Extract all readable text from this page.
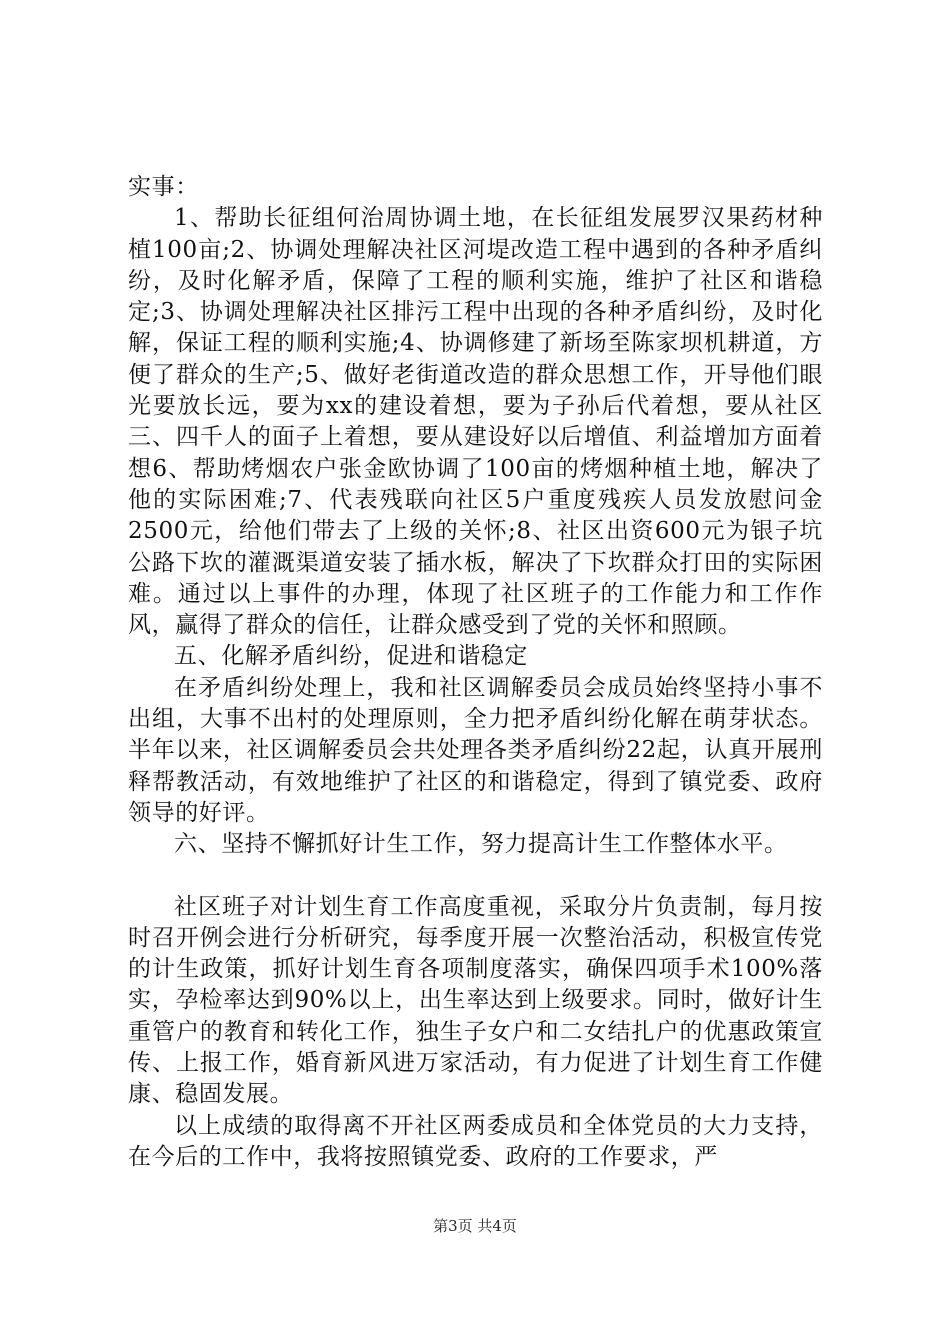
实事：

1、帮助长征组何治周协调土地，在长征组发展罗汉果药材种植100亩;2、协调处理解决社区河堤改造工程中遇到的各种矛盾纠纷，及时化解矛盾，保障了工程的顺利实施，维护了社区和谐稳定;3、协调处理解决社区排污工程中出现的各种矛盾纠纷，及时化解，保证工程的顺利实施;4、协调修建了新场至陈家坝机耕道，方便了群众的生产;5、做好老街道改造的群众思想工作，开导他们眼光要放长远，要为xx的建设着想，要为子孙后代着想，要从社区三、四千人的面子上着想，要从建设好以后增值、利益增加方面着想6、帮助烤烟农户张金欧协调了100亩的烤烟种植土地，解决了他的实际困难;7、代表残联向社区5户重度残疾人员发放慰问金2500元，给他们带去了上级的关怀;8、社区出资600元为银子坑公路下坎的灌溉渠道安装了插水板，解决了下坎群众打田的实际困难。通过以上事件的办理，体现了社区班子的工作能力和工作作风，赢得了群众的信任，让群众感受到了党的关怀和照顾。

五、化解矛盾纠纷，促进和谐稳定

在矛盾纠纷处理上，我和社区调解委员会成员始终坚持小事不出组，大事不出村的处理原则，全力把矛盾纠纷化解在萌芽状态。半年以来，社区调解委员会共处理各类矛盾纠纷22起，认真开展刑释帮教活动，有效地维护了社区的和谐稳定，得到了镇党委、政府领导的好评。

六、坚持不懈抓好计生工作，努力提高计生工作整体水平。

社区班子对计划生育工作高度重视，采取分片负责制，每月按时召开例会进行分析研究，每季度开展一次整治活动，积极宣传党的计生政策，抓好计划生育各项制度落实，确保四项手术100%落实，孕检率达到90%以上，出生率达到上级要求。同时，做好计生重管户的教育和转化工作，独生子女户和二女结扎户的优惠政策宣传、上报工作，婚育新风进万家活动，有力促进了计划生育工作健康、稳固发展。

以上成绩的取得离不开社区两委成员和全体党员的大力支持，在今后的工作中，我将按照镇党委、政府的工作要求，严

第3页 共4页
